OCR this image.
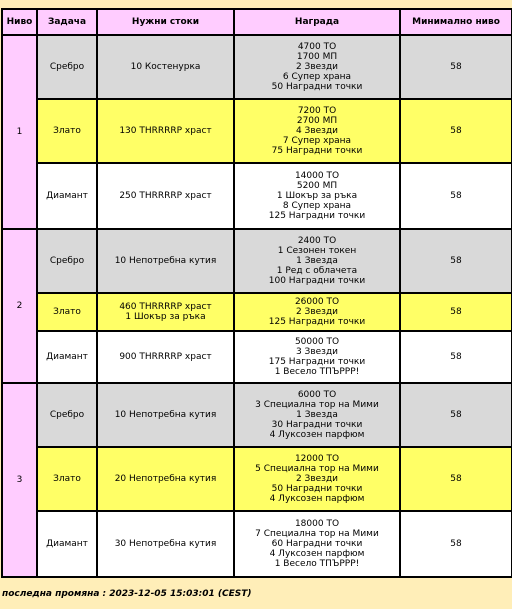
Ниво	Задача	Нужни стоки	Награда	Минимално ниво
1	Сребро	10 Костенурка	4700 ТО
1700 МП
2 Звезди
6 Супер храна
50 Наградни точки	58
	Злато	130 THRRRRP храст	7200 ТО
2700 МП
4 Звезди
7 Супер храна
75 Наградни точки	58
	Диамант	250 THRRRRP храст	14000 ТО
5200 МП
1 Шокър за ръка
8 Супер храна
125 Наградни точки	58
2	Сребро	10 Непотребна кутия	2400 ТО
1 Сезонен токен
1 Звезда
1 Ред с облачета
100 Наградни точки	58
	Злато	460 THRRRRP храст
1 Шокър за ръка	26000 ТО
2 Звезди
125 Наградни точки	58
	Диамант	900 THRRRRP храст	50000 ТО
3 Звезди
175 Наградни точки
1 Весело ТПЪРРР!	58
3	Сребро	10 Непотребна кутия	6000 ТО
3 Специална тор на Мими
1 Звезда
30 Наградни точки
4 Луксозен парфюм	58
	Злато	20 Непотребна кутия	12000 ТО
5 Специална тор на Мими
2 Звезди
50 Наградни точки
4 Луксозен парфюм	58
	Диамант	30 Непотребна кутия	18000 ТО
7 Специална тор на Мими
60 Наградни точки
4 Луксозен парфюм
1 Весело ТПЪРРР!	58
последна промяна : 2023-12-05 15:03:01 (CEST)
